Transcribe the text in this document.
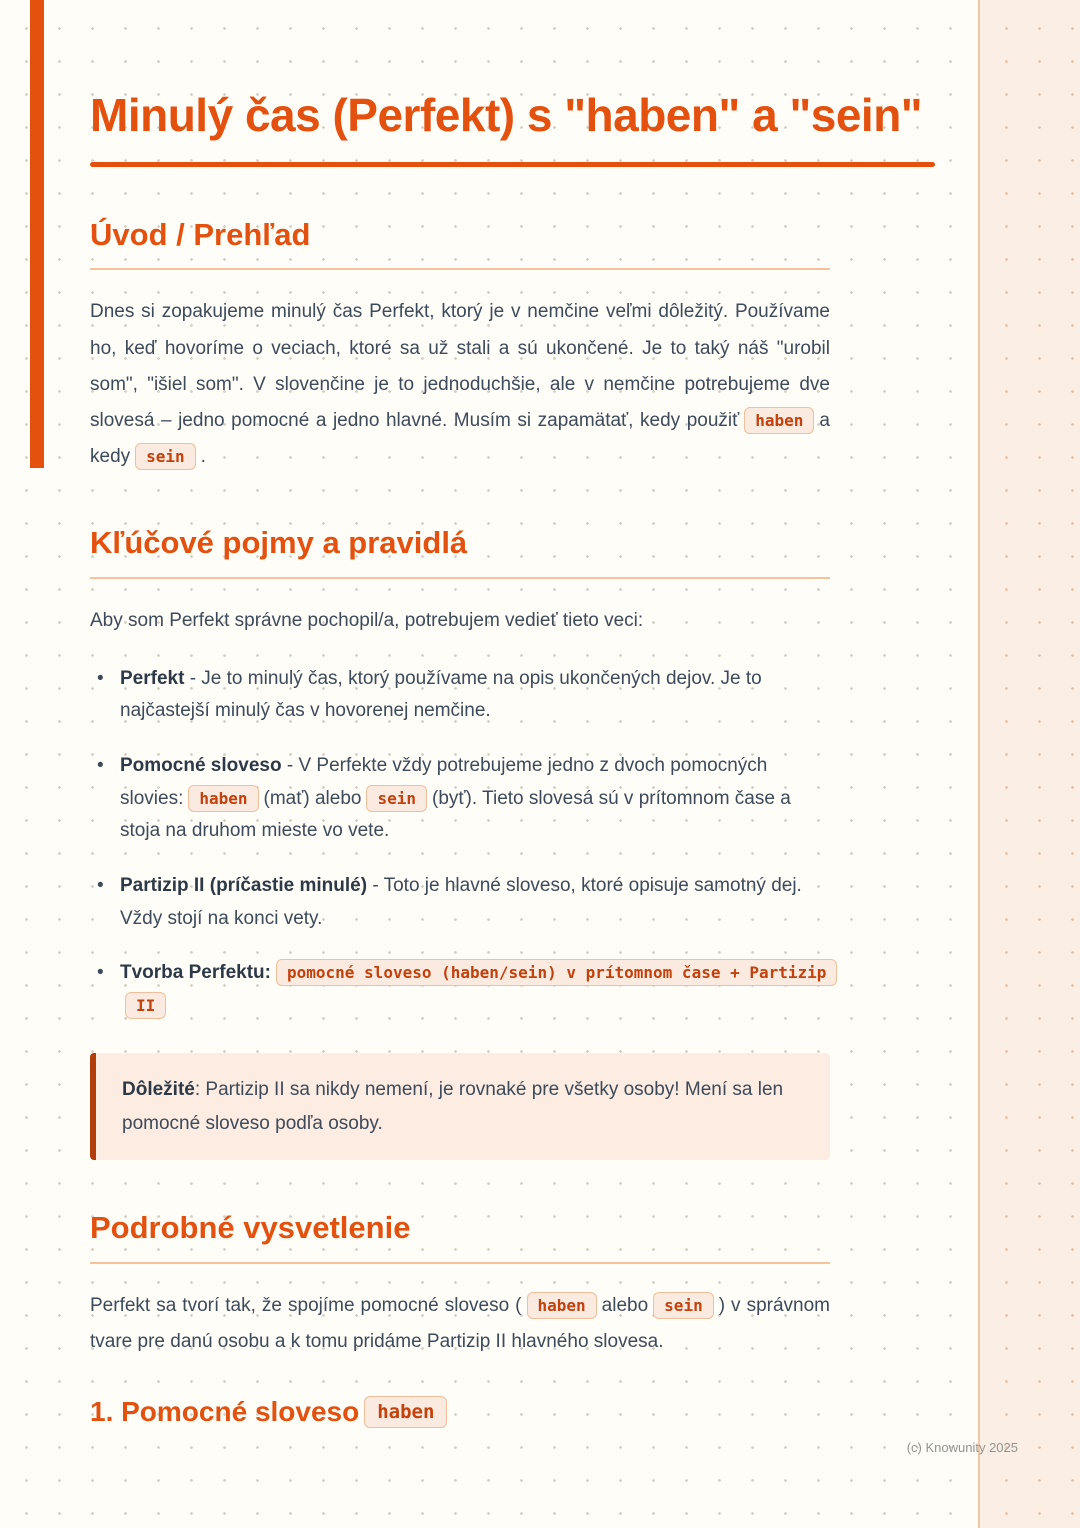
Minulý čas (Perfekt) s "haben" a "sein"
Úvod / Prehľad

Dnes si zopakujeme minulý čas Perfekt, ktorý je v nemčine veľmi dôležitý. Používame ho, keď hovoríme o veciach, ktoré sa už stali a sú ukončené. Je to taký náš "urobil som", "išiel som". V slovenčine je to jednoduchšie, ale v nemčine potrebujeme dve slovesá – jedno pomocné a jedno hlavné. Musím si zapamätať, kedy použiť haben a kedy sein .

Kľúčové pojmy a pravidlá

Aby som Perfekt správne pochopil/a, potrebujem vedieť tieto veci:

• Perfekt - Je to minulý čas, ktorý používame na opis ukončených dejov. Je to najčastejší minulý čas v hovorenej nemčine.
• Pomocné sloveso - V Perfekte vždy potrebujeme jedno z dvoch pomocných slovies: haben (mať) alebo sein (byť). Tieto slovesá sú v prítomnom čase a stoja na druhom mieste vo vete.
• Partizip II (príčastie minulé) - Toto je hlavné sloveso, ktoré opisuje samotný dej. Vždy stojí na konci vety.
• Tvorba Perfektu: pomocné sloveso (haben/sein) v prítomnom čase + Partizip II
Dôležité: Partizip II sa nikdy nemení, je rovnaké pre všetky osoby! Mení sa len pomocné sloveso podľa osoby.
Podrobné vysvetlenie

Perfekt sa tvorí tak, že spojíme pomocné sloveso ( haben alebo sein ) v správnom tvare pre danú osobu a k tomu pridáme Partizip II hlavného slovesa.

1. Pomocné sloveso haben
(c) Knowunity 2025
